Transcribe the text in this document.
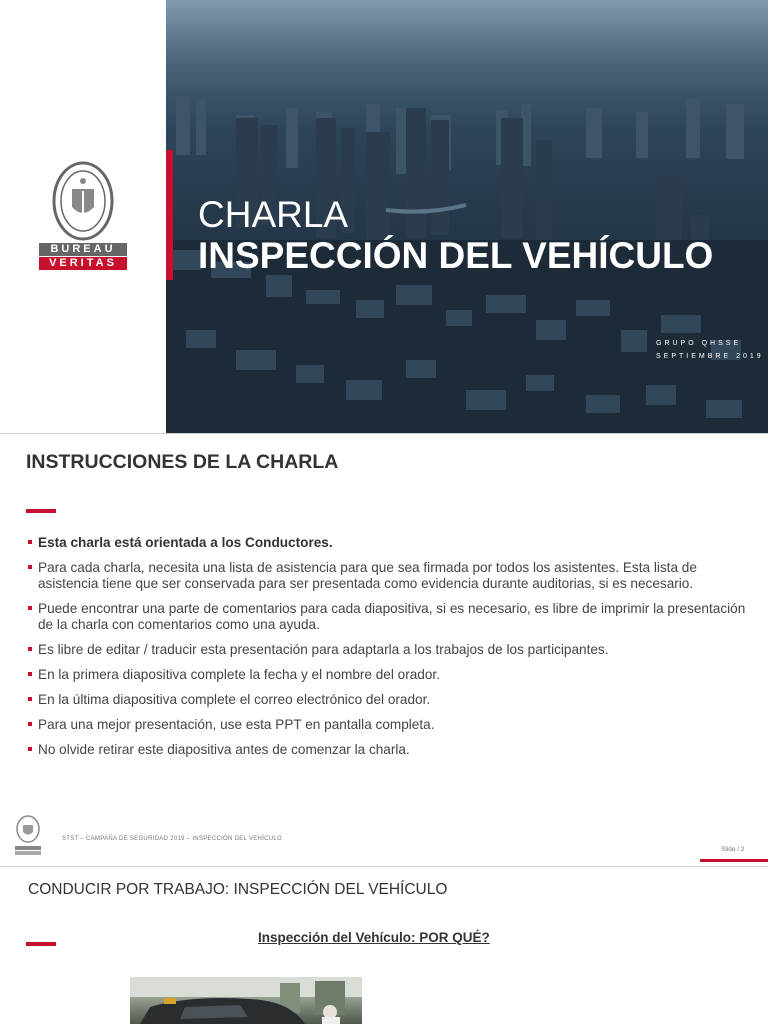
BUREAU
VERITAS
CHARLA
INSPECCIÓN DEL VEHÍCULO
GRUPO QHSSE
SEPTIEMBRE 2019
INSTRUCCIONES DE LA CHARLA
Esta charla está orientada a los Conductores.
Para cada charla, necesita una lista de asistencia para que sea firmada por todos los asistentes. Esta lista de asistencia tiene que ser conservada para ser presentada como evidencia durante auditorias, si es necesario.
Puede encontrar una parte de comentarios para cada diapositiva, si es necesario, es libre de imprimir la presentación de la charla con comentarios como una ayuda.
Es libre de editar / traducir esta presentación para adaptarla a los trabajos de los participantes.
En la primera diapositiva complete la fecha y el nombre del orador.
En la última diapositiva complete el correo electrónico del orador.
Para una mejor presentación, use esta PPT en pantalla completa.
No olvide retirar este diapositiva antes de comenzar la charla.
STST – CAMPAÑA DE SEGURIDAD 2019 – INSPECCIÓN DEL VEHÍCULO
Slide / 2
CONDUCIR POR TRABAJO: INSPECCIÓN DEL VEHÍCULO
Inspección del Vehículo: POR QUÉ?
